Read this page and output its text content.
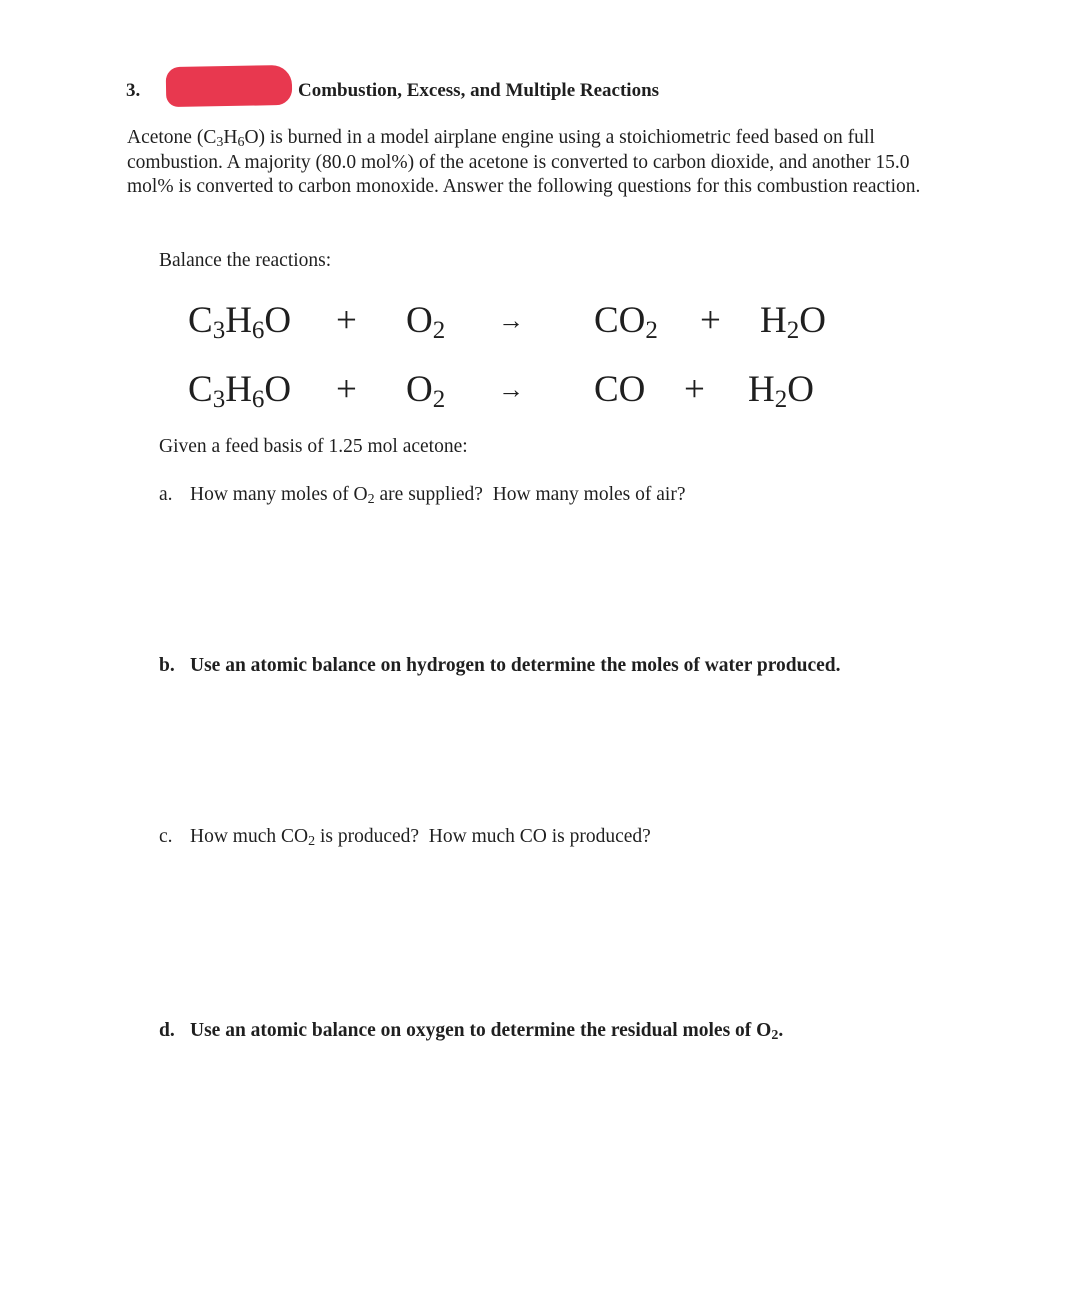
3.	Combustion, Excess, and Multiple Reactions
Acetone $(C_3H_6O)$ is burned in a model airplane engine using a stoichiometric feed based on full combustion. A majority (80.0 mol%) of the acetone is converted to carbon dioxide, and another 15.0 mol% is converted to carbon monoxide. Answer the following questions for this combustion reaction.
Balance the reactions:
$C_3H_6O + O_2 \to CO_2 + H_2O$
$C_3H_6O + O_2$ → CO + $H_2O$
Given a feed basis of 1.25 mol acetone:
a. How many moles of $O_2$ are supplied?  How many moles of air?
b. Use an atomic balance on hydrogen to determine the moles of water produced.
c. How much $CO_2$ is produced?  How much CO is produced?
d. Use an atomic balance on oxygen to determine the residual moles of $O_2$.
